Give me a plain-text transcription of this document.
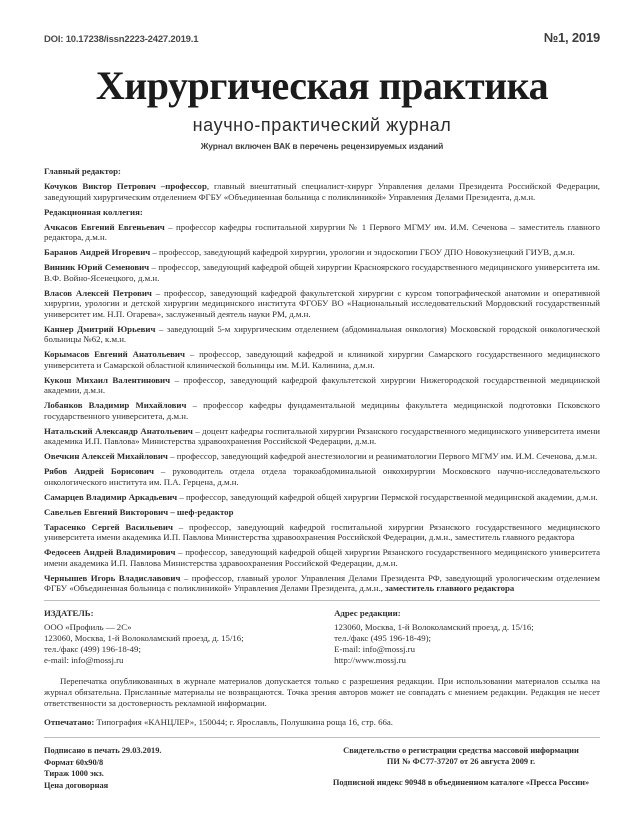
DOI: 10.17238/issn2223-2427.2019.1	№1, 2019
Хирургическая практика
научно-практический журнал
Журнал включен ВАК в перечень рецензируемых изданий

Главный редактор:

Кочуков Виктор Петрович –профессор, главный внештатный специалист-хирург Управления делами Президента Российской Федерации, заведующий хирургическим отделением ФГБУ «Объединенная больница с поликлиникой» Управления Делами Президента, д.м.н.

Редакционная коллегия:

Ачкасов Евгений Евгеньевич – профессор кафедры госпитальной хирургии № 1 Первого МГМУ им. И.М. Сеченова – заместитель главного редактора, д.м.н.

Баранов Андрей Игоревич – профессор, заведующий кафедрой хирургии, урологии и эндоскопии ГБОУ ДПО Новокузнецкий ГИУВ, д.м.н.

Винник Юрий Семенович – профессор, заведующий кафедрой общей хирургии Красноярского государственного медицинского университета им. В.Ф. Войно-Ясенецкого, д.м.н.

Власов Алексей Петрович – профессор, заведующий кафедрой факультетской хирургии с курсом топографической анатомии и оперативной хирургии, урологии и детской хирургии медицинского института ФГОБУ ВО «Национальный исследовательский Мордовский государственный университет им. Н.П. Огарева», заслуженный деятель науки РМ, д.м.н.

Каннер Дмитрий Юрьевич – заведующий 5-м хирургическим отделением (абдоминальная онкология) Московской городской онкологической больницы №62, к.м.н.

Корымасов Евгений Анатольевич – профессор, заведующий кафедрой и клиникой хирургии Самарского государственного медицинского университета и Самарской областной клинической больницы им. М.И. Калинина, д.м.н.

Кукош Михаил Валентинович – профессор, заведующий кафедрой факультетской хирургии Нижегородской государственной медицинской академии, д.м.н.

Лобанков Владимир Михайлович – профессор кафедры фундаментальной медицины факультета медицинской подготовки Псковского государственного университета, д.м.н.

Натальский Александр Анатольевич – доцент кафедры госпитальной хирургии Рязанского государственного медицинского университета имени академика И.П. Павлова» Министерства здравоохранения Российской Федерации, д.м.н.

Овечкин Алексей Михайлович – профессор, заведующий кафедрой анестезиологии и реаниматологии Первого МГМУ им. И.М. Сеченова, д.м.н.

Рябов Андрей Борисович – руководитель отдела отдела торакоабдоминальной онкохирургии Московского научно-исследовательского онкологического института им. П.А. Герцена, д.м.н.

Самарцев Владимир Аркадьевич – профессор, заведующий кафедрой общей хирургии Пермской государственной медицинской академии, д.м.н.

Савельев Евгений Викторович – шеф-редактор

Тарасенко Сергей Васильевич – профессор, заведующий кафедрой госпитальной хирургии Рязанского государственного медицинского университета имени академика И.П. Павлова Министерства здравоохранения Российской Федерации, д.м.н., заместитель главного редактора

Федосеев Андрей Владимирович – профессор, заведующий кафедрой общей хирургии Рязанского государственного медицинского университета имени академика И.П. Павлова Министерства здравоохранения Российской Федерации, д.м.н.

Чернышев Игорь Владиславович – профессор, главный уролог Управления Делами Президента РФ, заведующий урологическим отделением ФГБУ «Объединенная больница с поликлиникой» Управления Делами Президента, д.м.н., заместитель главного редактора

ИЗДАТЕЛЬ:
ООО «Профиль — 2С»
123060, Москва, 1-й Волоколамский проезд, д. 15/16;
тел./факс (499) 196-18-49;
e-mail: info@mossj.ru
Адрес редакции:
123060, Москва, 1-й Волоколамский проезд, д. 15/16;
тел./факс (495 196-18-49);
E-mail: info@mossj.ru
http://www.mossj.ru

Перепечатка опубликованных в журнале материалов допускается только с разрешения редакции. При использовании материалов ссылка на журнал обязательна. Присланные материалы не возвращаются. Точка зрения авторов может не совпадать с мнением редакции. Редакция не несет ответственности за достоверность рекламной информации.

Отпечатано: Типография «КАНЦЛЕР», 150044; г. Ярославль, Полушкина роща 16, стр. 66а.

Подписано в печать 29.03.2019.
Формат 60х90/8
Тираж 1000 экз.
Цена договорная
Свидетельство о регистрации средства массовой информации
ПИ № ФС77-37207 от 26 августа 2009 г.
Подписной индекс 90948 в объединенном каталоге «Пресса России»
